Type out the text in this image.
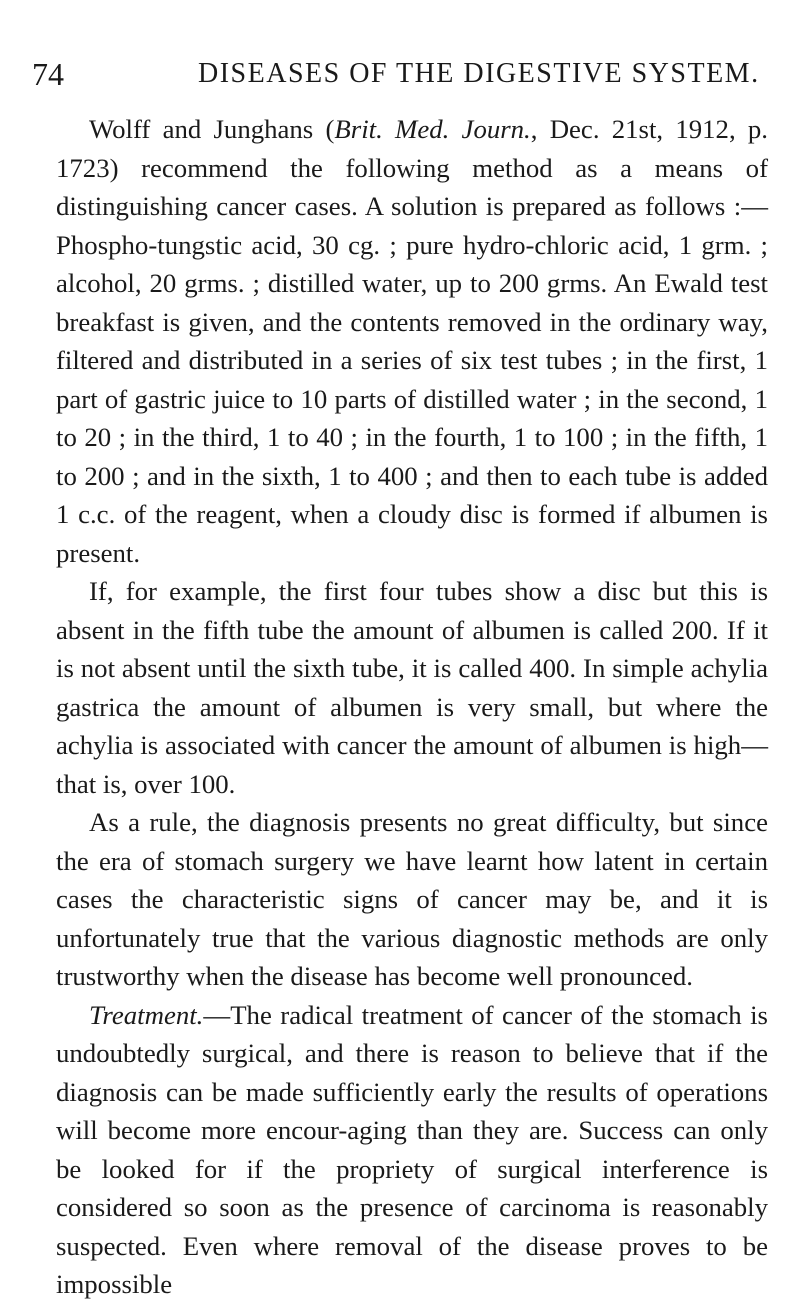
74	DISEASES OF THE DIGESTIVE SYSTEM.

Wolff and Junghans (Brit. Med. Journ., Dec. 21st, 1912, p. 1723) recommend the following method as a means of distinguishing cancer cases. A solution is prepared as follows :—Phospho-tungstic acid, 30 cg. ; pure hydro-chloric acid, 1 grm. ; alcohol, 20 grms. ; distilled water, up to 200 grms. An Ewald test breakfast is given, and the contents removed in the ordinary way, filtered and distributed in a series of six test tubes ; in the first, 1 part of gastric juice to 10 parts of distilled water ; in the second, 1 to 20 ; in the third, 1 to 40 ; in the fourth, 1 to 100 ; in the fifth, 1 to 200 ; and in the sixth, 1 to 400 ; and then to each tube is added 1 c.c. of the reagent, when a cloudy disc is formed if albumen is present.

If, for example, the first four tubes show a disc but this is absent in the fifth tube the amount of albumen is called 200. If it is not absent until the sixth tube, it is called 400. In simple achylia gastrica the amount of albumen is very small, but where the achylia is associated with cancer the amount of albumen is high—that is, over 100.

As a rule, the diagnosis presents no great difficulty, but since the era of stomach surgery we have learnt how latent in certain cases the characteristic signs of cancer may be, and it is unfortunately true that the various diagnostic methods are only trustworthy when the disease has become well pronounced.

Treatment.—The radical treatment of cancer of the stomach is undoubtedly surgical, and there is reason to believe that if the diagnosis can be made sufficiently early the results of operations will become more encour-aging than they are. Success can only be looked for if the propriety of surgical interference is considered so soon as the presence of carcinoma is reasonably suspected. Even where removal of the disease proves to be impossible
